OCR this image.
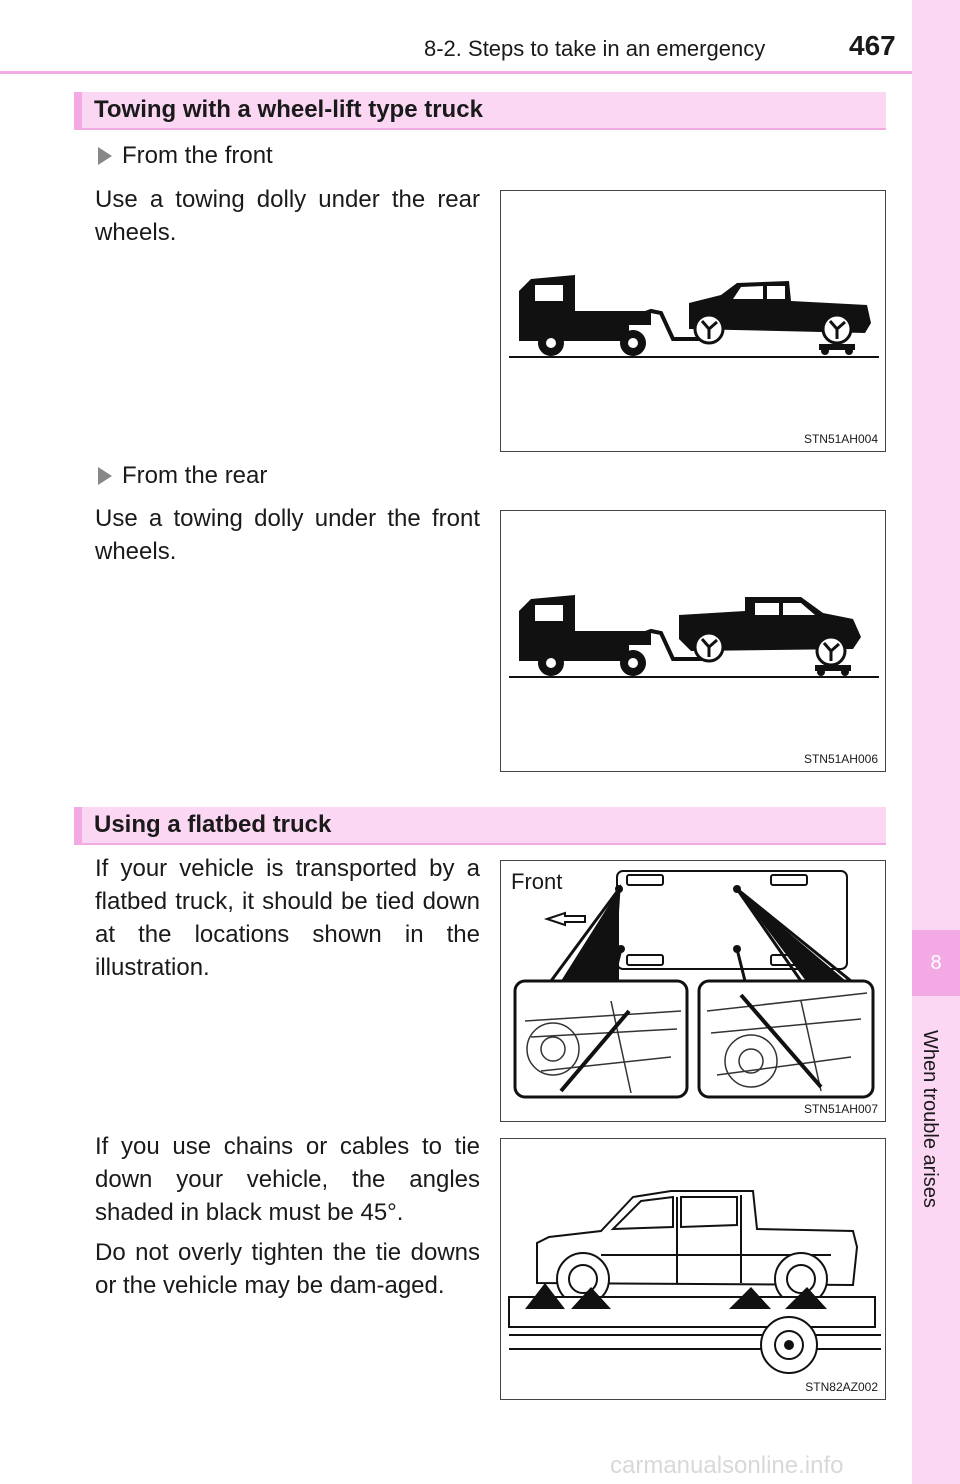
8-2. Steps to take in an emergency	467
8
When trouble arises
Towing with a wheel-lift type truck
From the front

Use a towing dolly under the rear wheels.

STN51AH004
From the rear

Use a towing dolly under the front wheels.

STN51AH006
Using a flatbed truck

If your vehicle is transported by a flatbed truck, it should be tied down at the locations shown in the illustration.

Front
STN51AH007

If you use chains or cables to tie down your vehicle, the angles shaded in black must be 45°.

Do not overly tighten the tie downs or the vehicle may be dam-aged.

STN82AZ002
carmanualsonline.info
